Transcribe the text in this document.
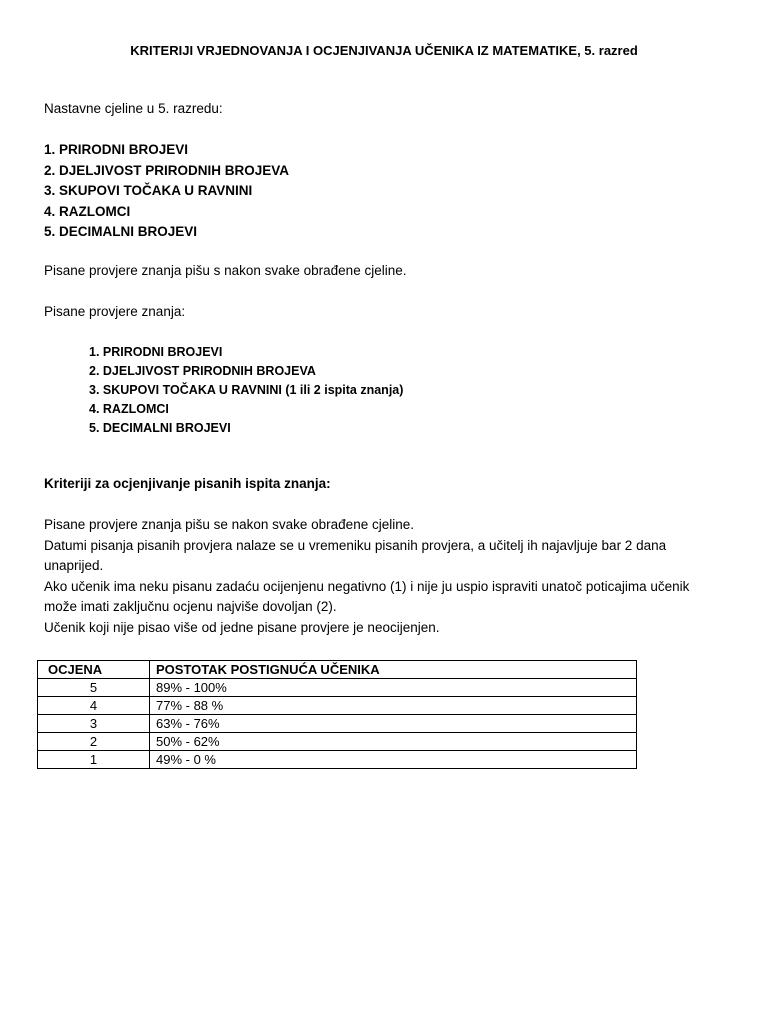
KRITERIJI VRJEDNOVANJA I OCJENJIVANJA UČENIKA IZ MATEMATIKE, 5. razred
Nastavne cjeline u 5. razredu:
1. PRIRODNI BROJEVI
2. DJELJIVOST PRIRODNIH BROJEVA
3. SKUPOVI TOČAKA U RAVNINI
4. RAZLOMCI
5. DECIMALNI BROJEVI
Pisane provjere znanja pišu s nakon svake obrađene cjeline.
Pisane provjere znanja:
1. PRIRODNI BROJEVI
2. DJELJIVOST PRIRODNIH BROJEVA
3. SKUPOVI TOČAKA U RAVNINI (1 ili 2 ispita znanja)
4. RAZLOMCI
5. DECIMALNI BROJEVI
Kriteriji za ocjenjivanje pisanih ispita znanja:
Pisane provjere znanja pišu se nakon svake obrađene cjeline.
Datumi pisanja pisanih provjera nalaze se u vremeniku pisanih provjera, a učitelj ih najavljuje bar 2 dana
unaprijed.
Ako učenik ima neku pisanu zadaću ocijenjenu negativno (1) i nije ju uspio ispraviti unatoč poticajima učenik
može imati zaključnu ocjenu najviše dovoljan (2).
Učenik koji nije pisao više od jedne pisane provjere je neocijenjen.
OCJENA	POSTOTAK POSTIGNUĆA UČENIKA
5	89% - 100%
4	77% - 88 %
3	63% - 76%
2	50% - 62%
1	49% - 0 %
